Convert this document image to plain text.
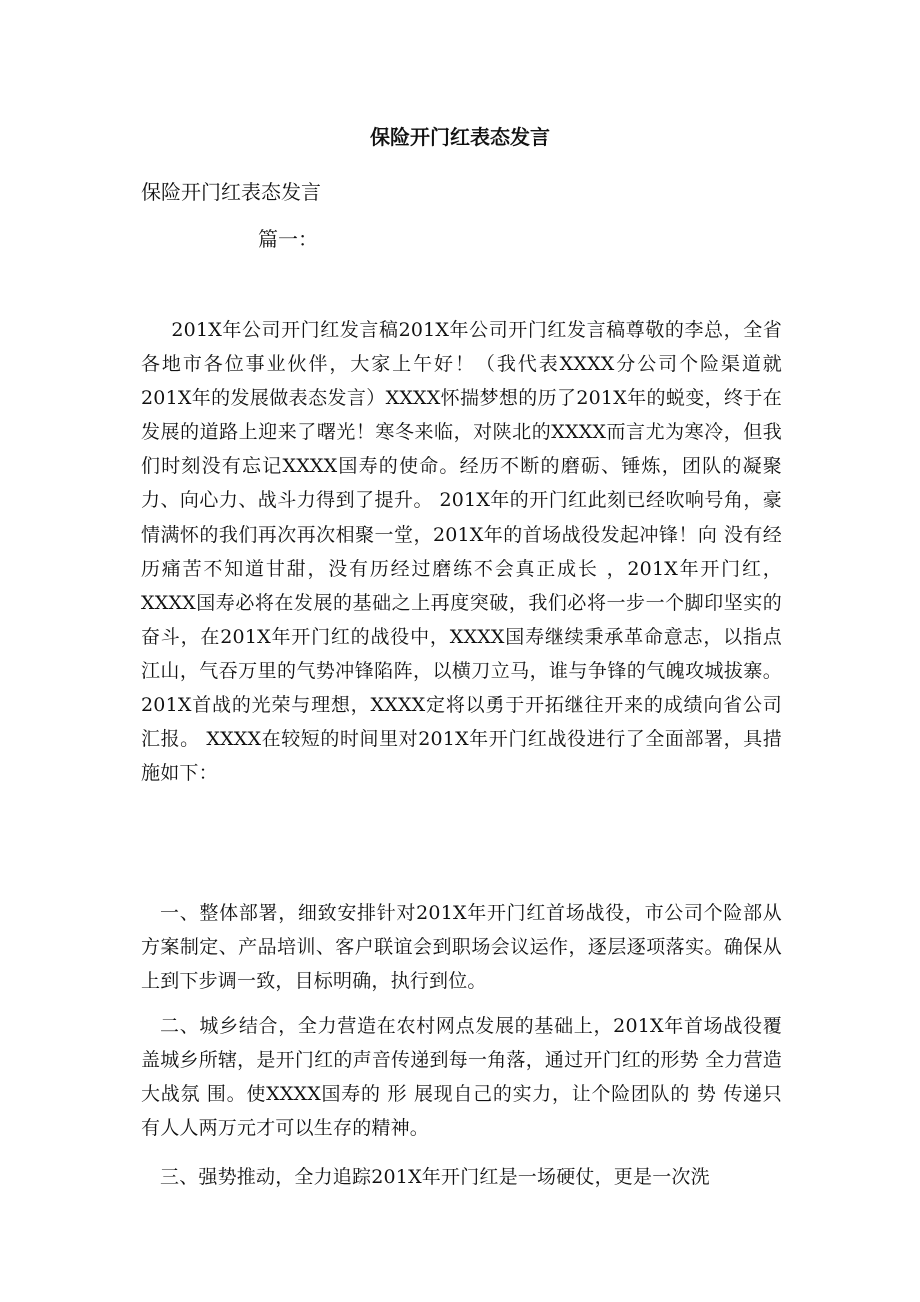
保险开门红表态发言
保险开门红表态发言
篇一：

201X年公司开门红发言稿201X年公司开门红发言稿尊敬的李总，全省各地市各位事业伙伴，大家上午好！（我代表XXXX分公司个险渠道就201X年的发展做表态发言）XXXX怀揣梦想的历了201X年的蜕变，终于在发展的道路上迎来了曙光！寒冬来临，对陕北的XXXX而言尤为寒冷，但我们时刻没有忘记XXXX国寿的使命。经历不断的磨砺、锤炼，团队的凝聚力、向心力、战斗力得到了提升。 201X年的开门红此刻已经吹响号角，豪情满怀的我们再次再次相聚一堂，201X年的首场战役发起冲锋！向 没有经历痛苦不知道甘甜，没有历经过磨练不会真正成长 ，201X年开门红，XXXX国寿必将在发展的基础之上再度突破，我们必将一步一个脚印坚实的奋斗，在201X年开门红的战役中，XXXX国寿继续秉承革命意志，以指点江山，气吞万里的气势冲锋陷阵，以横刀立马，谁与争锋的气魄攻城拔寨。 201X首战的光荣与理想，XXXX定将以勇于开拓继往开来的成绩向省公司汇报。 XXXX在较短的时间里对201X年开门红战役进行了全面部署，具措施如下：

一、整体部署，细致安排针对201X年开门红首场战役，市公司个险部从方案制定、产品培训、客户联谊会到职场会议运作，逐层逐项落实。确保从上到下步调一致，目标明确，执行到位。

二、城乡结合，全力营造在农村网点发展的基础上，201X年首场战役覆盖城乡所辖，是开门红的声音传递到每一角落，通过开门红的形势 全力营造大战氛 围。使XXXX国寿的 形 展现自己的实力，让个险团队的 势 传递只有人人两万元才可以生存的精神。

三、强势推动，全力追踪201X年开门红是一场硬仗，更是一次洗
